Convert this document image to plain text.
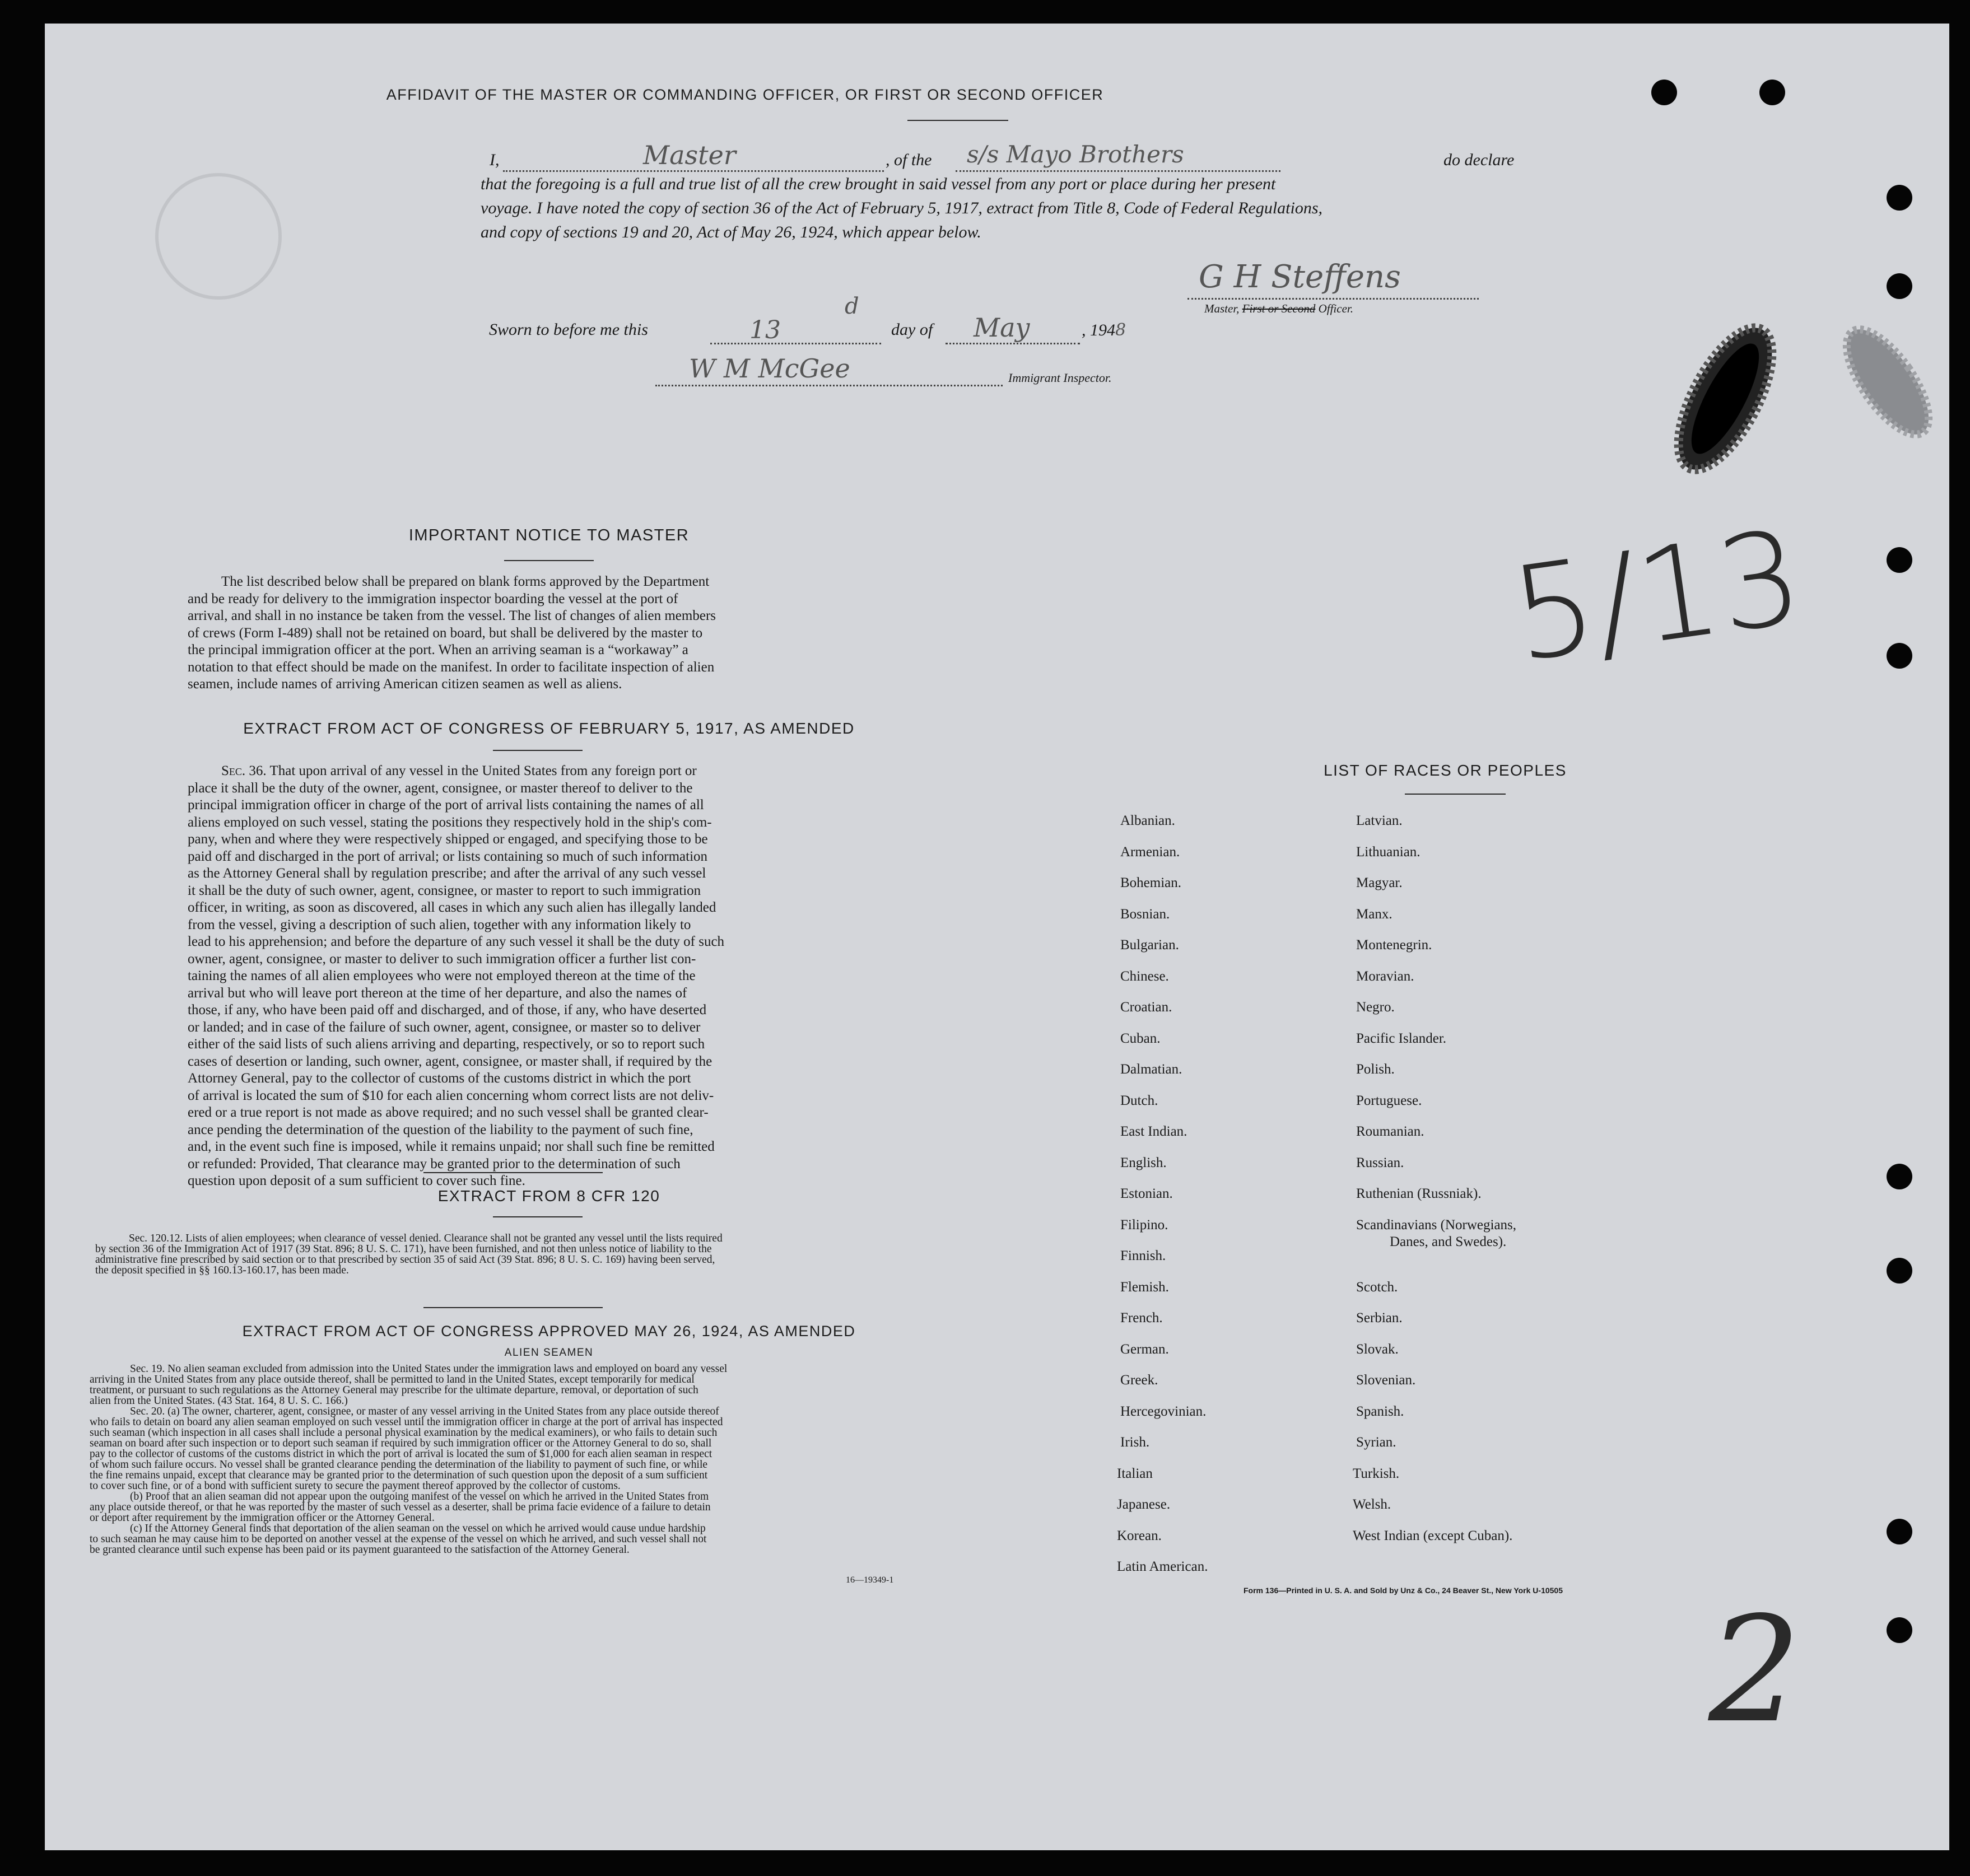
AFFIDAVIT OF THE MASTER OR COMMANDING OFFICER, OR FIRST OR SECOND OFFICER
I,	Master	, of the s/s Mayo Brothers	do declare
that the foregoing is a full and true list of all the crew brought in said vessel from any port or place during her present
voyage. I have noted the copy of section 36 of the Act of February 5, 1917, extract from Title 8, Code of Federal Regulations,
and copy of sections 19 and 20, Act of May 26, 1924, which appear below.
G H Steffens
Master, First or Second Officer.
Sworn to before me this	13
d
day of May	, 1948
W M McGee	Immigrant Inspector.
IMPORTANT NOTICE TO MASTER
The list described below shall be prepared on blank forms approved by the Department
and be ready for delivery to the immigration inspector boarding the vessel at the port of
arrival, and shall in no instance be taken from the vessel. The list of changes of alien members
of crews (Form I-489) shall not be retained on board, but shall be delivered by the master to
the principal immigration officer at the port. When an arriving seaman is a “workaway” a
notation to that effect should be made on the manifest. In order to facilitate inspection of alien
seamen, include names of arriving American citizen seamen as well as aliens.
EXTRACT FROM ACT OF CONGRESS OF FEBRUARY 5, 1917, AS AMENDED
Sec. 36. That upon arrival of any vessel in the United States from any foreign port or
place it shall be the duty of the owner, agent, consignee, or master thereof to deliver to the
principal immigration officer in charge of the port of arrival lists containing the names of all
aliens employed on such vessel, stating the positions they respectively hold in the ship's com-
pany, when and where they were respectively shipped or engaged, and specifying those to be
paid off and discharged in the port of arrival; or lists containing so much of such information
as the Attorney General shall by regulation prescribe; and after the arrival of any such vessel
it shall be the duty of such owner, agent, consignee, or master to report to such immigration
officer, in writing, as soon as discovered, all cases in which any such alien has illegally landed
from the vessel, giving a description of such alien, together with any information likely to
lead to his apprehension; and before the departure of any such vessel it shall be the duty of such
owner, agent, consignee, or master to deliver to such immigration officer a further list con-
taining the names of all alien employees who were not employed thereon at the time of the
arrival but who will leave port thereon at the time of her departure, and also the names of
those, if any, who have been paid off and discharged, and of those, if any, who have deserted
or landed; and in case of the failure of such owner, agent, consignee, or master so to deliver
either of the said lists of such aliens arriving and departing, respectively, or so to report such
cases of desertion or landing, such owner, agent, consignee, or master shall, if required by the
Attorney General, pay to the collector of customs of the customs district in which the port
of arrival is located the sum of $10 for each alien concerning whom correct lists are not deliv-
ered or a true report is not made as above required; and no such vessel shall be granted clear-
ance pending the determination of the question of the liability to the payment of such fine,
and, in the event such fine is imposed, while it remains unpaid; nor shall such fine be remitted
or refunded: Provided, That clearance may be granted prior to the determination of such
question upon deposit of a sum sufficient to cover such fine.
EXTRACT FROM 8 CFR 120
Sec. 120.12. Lists of alien employees; when clearance of vessel denied. Clearance shall not be granted any vessel until the lists required
by section 36 of the Immigration Act of 1917 (39 Stat. 896; 8 U. S. C. 171), have been furnished, and not then unless notice of liability to the
administrative fine prescribed by said section or to that prescribed by section 35 of said Act (39 Stat. 896; 8 U. S. C. 169) having been served,
the deposit specified in §§ 160.13-160.17, has been made.
EXTRACT FROM ACT OF CONGRESS APPROVED MAY 26, 1924, AS AMENDED
ALIEN SEAMEN
Sec. 19. No alien seaman excluded from admission into the United States under the immigration laws and employed on board any vessel
arriving in the United States from any place outside thereof, shall be permitted to land in the United States, except temporarily for medical
treatment, or pursuant to such regulations as the Attorney General may prescribe for the ultimate departure, removal, or deportation of such
alien from the United States. (43 Stat. 164, 8 U. S. C. 166.)
Sec. 20. (a) The owner, charterer, agent, consignee, or master of any vessel arriving in the United States from any place outside thereof
who fails to detain on board any alien seaman employed on such vessel until the immigration officer in charge at the port of arrival has inspected
such seaman (which inspection in all cases shall include a personal physical examination by the medical examiners), or who fails to detain such
seaman on board after such inspection or to deport such seaman if required by such immigration officer or the Attorney General to do so, shall
pay to the collector of customs of the customs district in which the port of arrival is located the sum of $1,000 for each alien seaman in respect
of whom such failure occurs. No vessel shall be granted clearance pending the determination of the liability to payment of such fine, or while
the fine remains unpaid, except that clearance may be granted prior to the determination of such question upon the deposit of a sum sufficient
to cover such fine, or of a bond with sufficient surety to secure the payment thereof approved by the collector of customs.
(b) Proof that an alien seaman did not appear upon the outgoing manifest of the vessel on which he arrived in the United States from
any place outside thereof, or that he was reported by the master of such vessel as a deserter, shall be prima facie evidence of a failure to detain
or deport after requirement by the immigration officer or the Attorney General.
(c) If the Attorney General finds that deportation of the alien seaman on the vessel on which he arrived would cause undue hardship
to such seaman he may cause him to be deported on another vessel at the expense of the vessel on which he arrived, and such vessel shall not
be granted clearance until such expense has been paid or its payment guaranteed to the satisfaction of the Attorney General.
16—19349-1
LIST OF RACES OR PEOPLES
Albanian.
Armenian.
Bohemian.
Bosnian.
Bulgarian.
Chinese.
Croatian.
Cuban.
Dalmatian.
Dutch.
East Indian.
English.
Estonian.
Filipino.
Finnish.
Flemish.
French.
German.
Greek.
Hercegovinian.
Irish.
Italian
Japanese.
Korean.
Latin American.
Latvian.
Lithuanian.
Magyar.
Manx.
Montenegrin.
Moravian.
Negro.
Pacific Islander.
Polish.
Portuguese.
Roumanian.
Russian.
Ruthenian (Russniak).
Scandinavians (Norwegians,
Danes, and Swedes).
Scotch.
Serbian.
Slovak.
Slovenian.
Spanish.
Syrian.
Turkish.
Welsh.
West Indian (except Cuban).
Form 136—Printed in U. S. A. and Sold by Unz & Co., 24 Beaver St., New York U-10505
5/13
2
